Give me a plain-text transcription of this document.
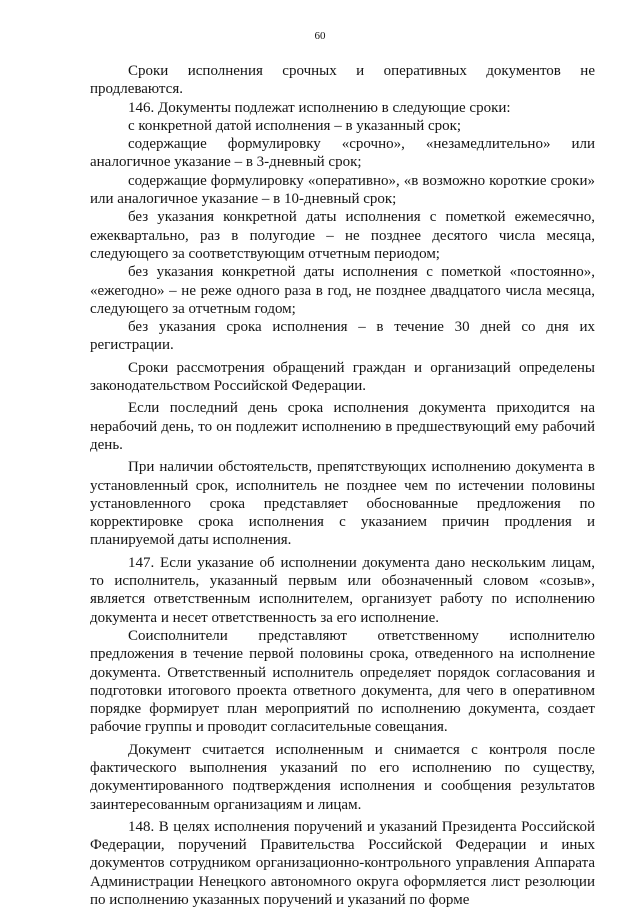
60

Сроки исполнения срочных и оперативных документов не продлеваются.

146. Документы подлежат исполнению в следующие сроки:

с конкретной датой исполнения – в указанный срок;

содержащие формулировку «срочно», «незамедлительно» или аналогичное указание – в 3-дневный срок;

содержащие формулировку «оперативно», «в возможно короткие сроки» или аналогичное указание – в 10-дневный срок;

без указания конкретной даты исполнения с пометкой ежемесячно, ежеквартально, раз в полугодие – не позднее десятого числа месяца, следующего за соответствующим отчетным периодом;

без указания конкретной даты исполнения с пометкой «постоянно», «ежегодно» – не реже одного раза в год, не позднее двадцатого числа месяца, следующего за отчетным годом;

без указания срока исполнения – в течение 30 дней со дня их регистрации.

Сроки рассмотрения обращений граждан и организаций определены законодательством Российской Федерации.

Если последний день срока исполнения документа приходится на нерабочий день, то он подлежит исполнению в предшествующий ему рабочий день.

При наличии обстоятельств, препятствующих исполнению документа в установленный срок, исполнитель не позднее чем по истечении половины установленного срока представляет обоснованные предложения по корректировке срока исполнения с указанием причин продления и планируемой даты исполнения.

147. Если указание об исполнении документа дано нескольким лицам, то исполнитель, указанный первым или обозначенный словом «созыв», является ответственным исполнителем, организует работу по исполнению документа и несет ответственность за его исполнение.

Соисполнители представляют ответственному исполнителю предложения в течение первой половины срока, отведенного на исполнение документа. Ответственный исполнитель определяет порядок согласования и подготовки итогового проекта ответного документа, для чего в оперативном порядке формирует план мероприятий по исполнению документа, создает рабочие группы и проводит согласительные совещания.

Документ считается исполненным и снимается с контроля после фактического выполнения указаний по его исполнению по существу, документированного подтверждения исполнения и сообщения результатов заинтересованным организациям и лицам.

148. В целях исполнения поручений и указаний Президента Российской Федерации, поручений Правительства Российской Федерации и иных документов сотрудником организационно-контрольного управления Аппарата Администрации Ненецкого автономного округа оформляется лист резолюции по исполнению указанных поручений и указаний по форме
